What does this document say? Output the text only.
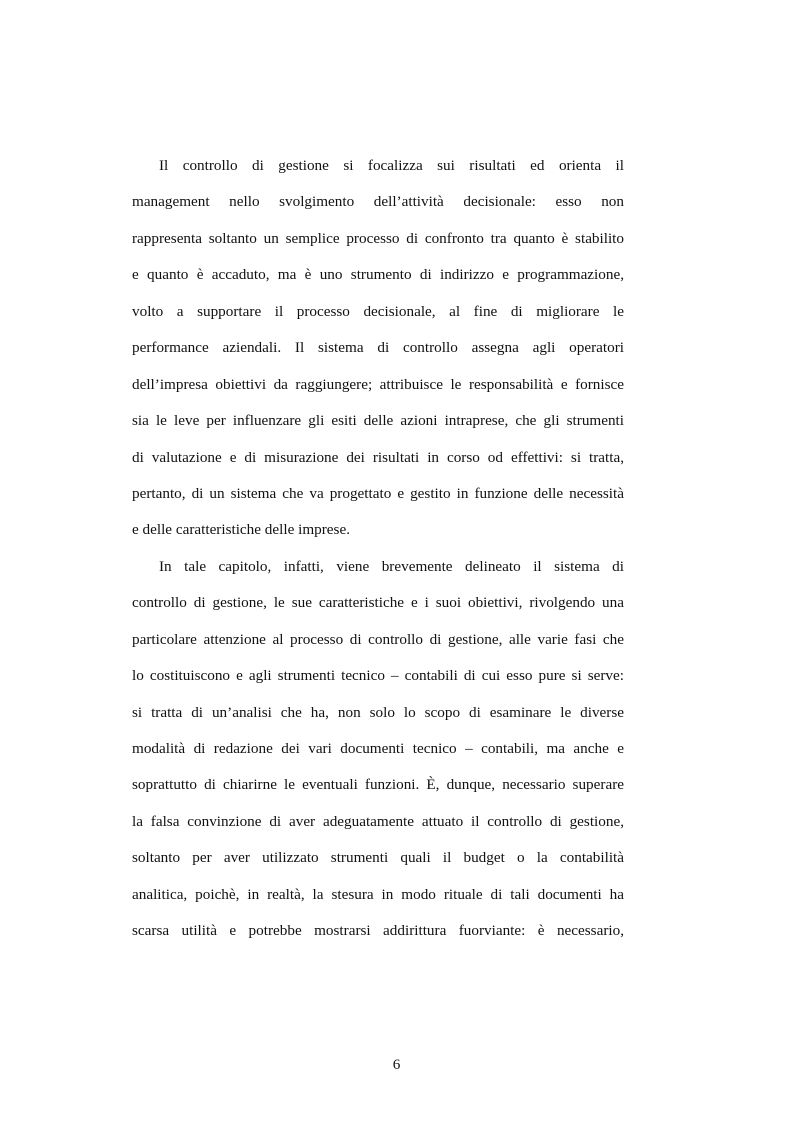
Il controllo di gestione si focalizza sui risultati ed orienta il
management nello svolgimento dell’attività decisionale: esso non
rappresenta soltanto un semplice processo di confronto tra quanto è stabilito
e quanto è accaduto, ma è uno strumento di indirizzo e programmazione,
volto a supportare il processo decisionale, al fine di migliorare le
performance aziendali. Il sistema di controllo assegna agli operatori
dell’impresa obiettivi da raggiungere; attribuisce le responsabilità e fornisce
sia le leve per influenzare gli esiti delle azioni intraprese, che gli strumenti
di valutazione e di misurazione dei risultati in corso od effettivi: si tratta,
pertanto, di un sistema che va progettato e gestito in funzione delle necessità
e delle caratteristiche delle imprese.
In tale capitolo, infatti, viene brevemente delineato il sistema di
controllo di gestione, le sue caratteristiche e i suoi obiettivi, rivolgendo una
particolare attenzione al processo di controllo di gestione, alle varie fasi che
lo costituiscono e agli strumenti tecnico – contabili di cui esso pure si serve:
si tratta di un’analisi che ha, non solo lo scopo di esaminare le diverse
modalità di redazione dei vari documenti tecnico – contabili, ma anche e
soprattutto di chiarirne le eventuali funzioni. È, dunque, necessario superare
la falsa convinzione di aver adeguatamente attuato il controllo di gestione,
soltanto per aver utilizzato strumenti quali il budget o la contabilità
analitica, poichè, in realtà, la stesura in modo rituale di tali documenti ha
scarsa utilità e potrebbe mostrarsi addirittura fuorviante: è necessario,
6
